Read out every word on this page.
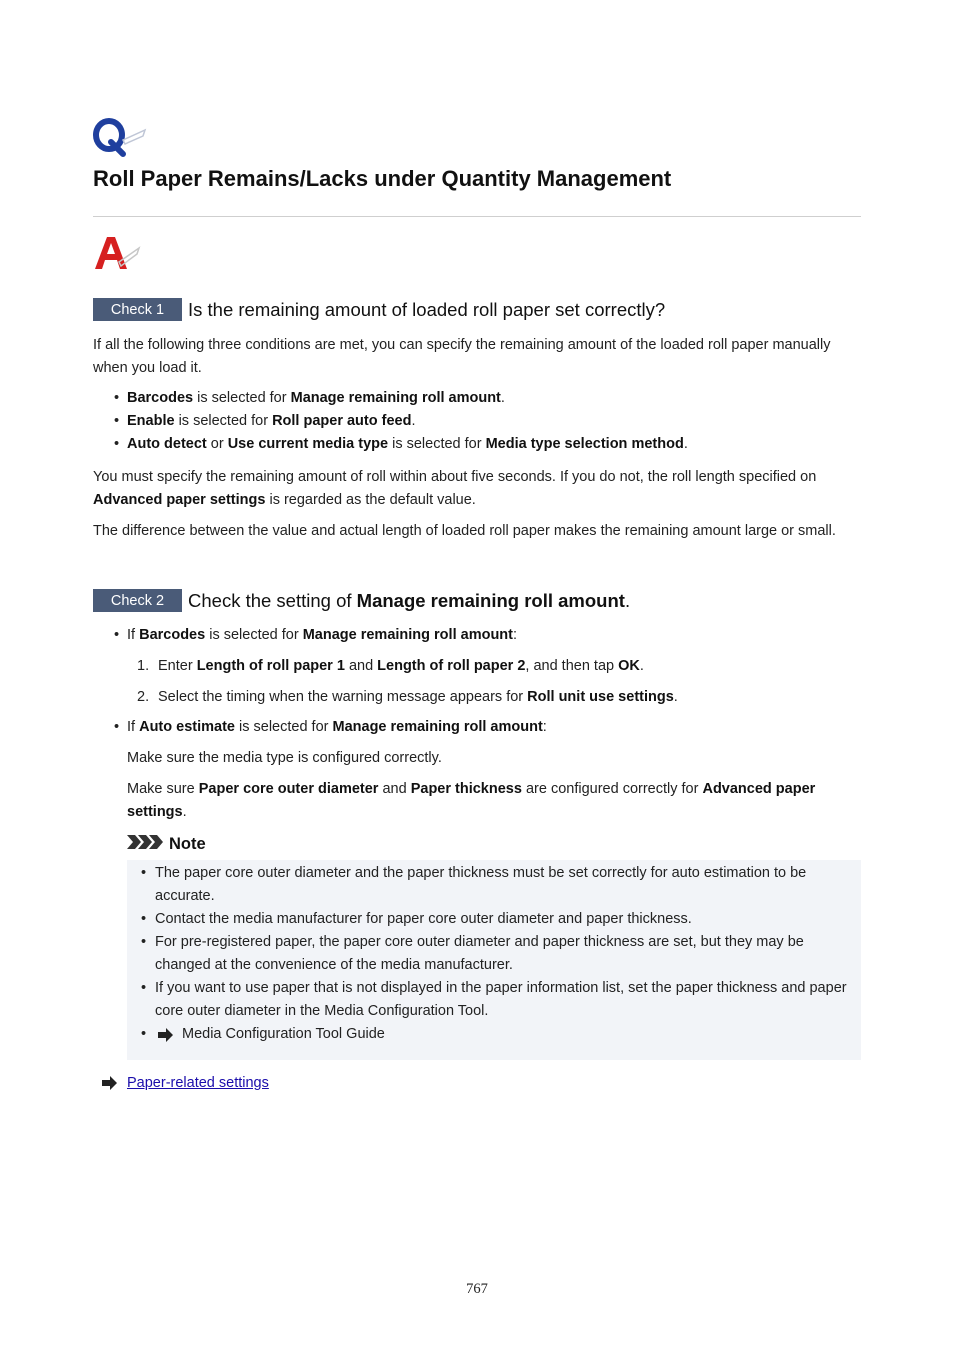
Roll Paper Remains/Lacks under Quantity Management
Check 1	Is the remaining amount of loaded roll paper set correctly?

If all the following three conditions are met, you can specify the remaining amount of the loaded roll paper manually when you load it.

• Barcodes is selected for Manage remaining roll amount.
• Enable is selected for Roll paper auto feed.
• Auto detect or Use current media type is selected for Media type selection method.

You must specify the remaining amount of roll within about five seconds. If you do not, the roll length specified on Advanced paper settings is regarded as the default value.

The difference between the value and actual length of loaded roll paper makes the remaining amount large or small.

Check 2	Check the setting of Manage remaining roll amount.
• If Barcodes is selected for Manage remaining roll amount:
1. Enter Length of roll paper 1 and Length of roll paper 2, and then tap OK.
2. Select the timing when the warning message appears for Roll unit use settings.
• If Auto estimate is selected for Manage remaining roll amount:

Make sure the media type is configured correctly.

Make sure Paper core outer diameter and Paper thickness are configured correctly for Advanced paper settings.

Note
• The paper core outer diameter and the paper thickness must be set correctly for auto estimation to be accurate.
• Contact the media manufacturer for paper core outer diameter and paper thickness.
• For pre-registered paper, the paper core outer diameter and paper thickness are set, but they may be changed at the convenience of the media manufacturer.
• If you want to use paper that is not displayed in the paper information list, set the paper thickness and paper core outer diameter in the Media Configuration Tool.
• Media Configuration Tool Guide

Paper-related settings

767
